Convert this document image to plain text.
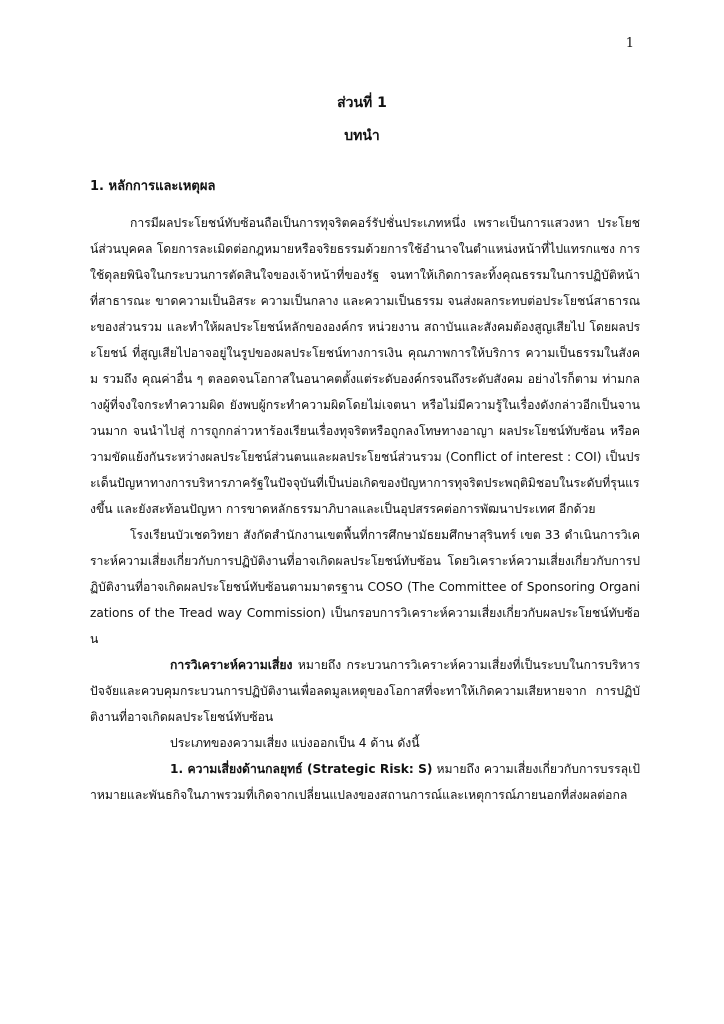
1
ส่วนที่ 1
บทนำ
1. หลักการและเหตุผล

การมีผลประโยชน์ทับซ้อนถือเป็นการทุจริตคอร์รัปชั่นประเภทหนึ่ง เพราะเป็นการแสวงหา ประโยชน์ส่วนบุคคล โดยการละเมิดต่อกฎหมายหรือจริยธรรมด้วยการใช้อำนาจในตำแหน่งหน้าที่ไปแทรกแซง การใช้ดุลยพินิจในกระบวนการตัดสินใจของเจ้าหน้าที่ของรัฐ จนทาให้เกิดการละทิ้งคุณธรรมในการปฏิบัติหน้าที่สาธารณะ ขาดความเป็นอิสระ ความเป็นกลาง และความเป็นธรรม จนส่งผลกระทบต่อประโยชน์สาธารณะของส่วนรวม และทำให้ผลประโยชน์หลักขององค์กร หน่วยงาน สถาบันและสังคมต้องสูญเสียไป โดยผลประโยชน์ ที่สูญเสียไปอาจอยู่ในรูปของผลประโยชน์ทางการเงิน คุณภาพการให้บริการ ความเป็นธรรมในสังคม รวมถึง คุณค่าอื่น ๆ ตลอดจนโอกาสในอนาคตตั้งแต่ระดับองค์กรจนถึงระดับสังคม อย่างไรก็ตาม ท่ามกลางผู้ที่จงใจกระทำความผิด ยังพบผู้กระทำความผิดโดยไม่เจตนา หรือไม่มีความรู้ในเรื่องดังกล่าวอีกเป็นจานวนมาก จนนำไปสู่ การถูกกล่าวหาร้องเรียนเรื่องทุจริตหรือถูกลงโทษทางอาญา ผลประโยชน์ทับซ้อน หรือความขัดแย้งกันระหว่างผลประโยชน์ส่วนตนและผลประโยชน์ส่วนรวม (Conflict of interest : COI) เป็นประเด็นปัญหาทางการบริหารภาครัฐในปัจจุบันที่เป็นบ่อเกิดของปัญหาการทุจริตประพฤติมิชอบในระดับที่รุนแรงขึ้น และยังสะท้อนปัญหา การขาดหลักธรรมาภิบาลและเป็นอุปสรรคต่อการพัฒนาประเทศ อีกด้วย

โรงเรียนบัวเชดวิทยา สังกัดสำนักงานเขตพื้นที่การศึกษามัธยมศึกษาสุรินทร์ เขต 33 ดำเนินการวิเคราะห์ความเสี่ยงเกี่ยวกับการปฏิบัติงานที่อาจเกิดผลประโยชน์ทับซ้อน โดยวิเคราะห์ความเสี่ยงเกี่ยวกับการปฏิบัติงานที่อาจเกิดผลประโยชน์ทับซ้อนตามมาตรฐาน COSO (The Committee of Sponsoring Organizations of the Tread way Commission) เป็นกรอบการวิเคราะห์ความเสี่ยงเกี่ยวกับผลประโยชน์ทับซ้อน

การวิเคราะห์ความเสี่ยง หมายถึง กระบวนการวิเคราะห์ความเสี่ยงที่เป็นระบบในการบริหารปัจจัยและควบคุมกระบวนการปฏิบัติงานเพื่อลดมูลเหตุของโอกาสที่จะทาให้เกิดความเสียหายจาก การปฏิบัติงานที่อาจเกิดผลประโยชน์ทับซ้อน

ประเภทของความเสี่ยง แบ่งออกเป็น 4 ด้าน ดังนี้

1. ความเสี่ยงด้านกลยุทธ์ (Strategic Risk: S) หมายถึง ความเสี่ยงเกี่ยวกับการบรรลุเป้าหมายและพันธกิจในภาพรวมที่เกิดจากเปลี่ยนแปลงของสถานการณ์และเหตุการณ์ภายนอกที่ส่งผลต่อกล
